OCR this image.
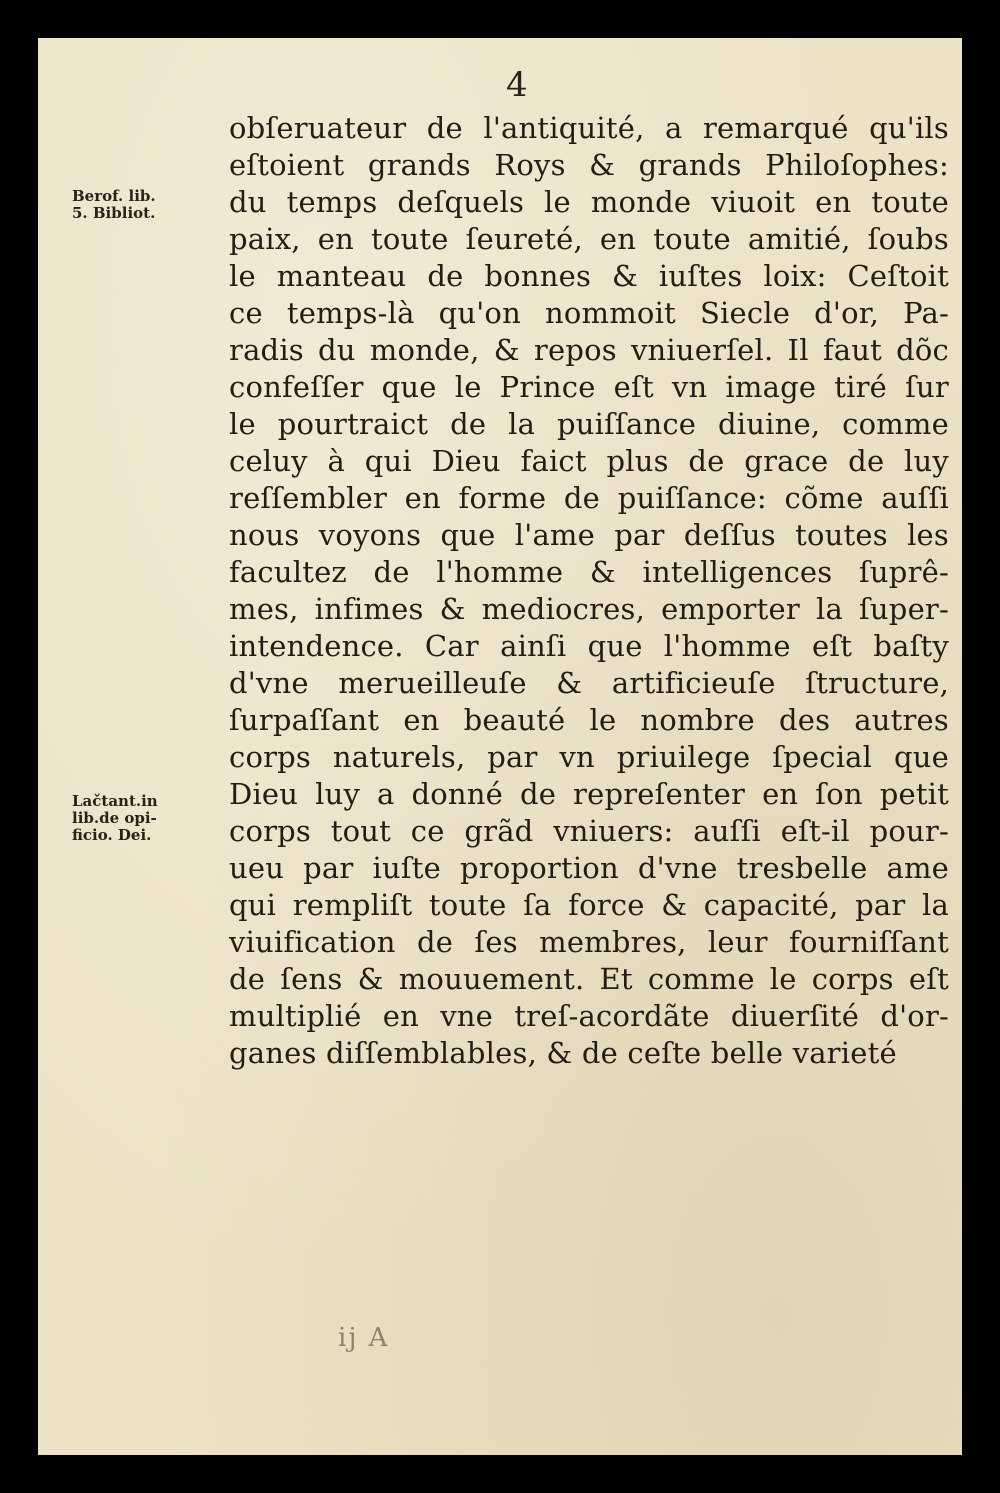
4
Berof. lib.
5. Bibliot.
Lačtant.in
lib.de opi-
ficio. Dei.
obſeruateur de l'antiquité, a remarqué qu'ils
eſtoient grands Roys & grands Philoſophes:
du temps deſquels le monde viuoit en toute
paix, en toute ſeureté, en toute amitié, ſoubs
le manteau de bonnes & iuſtes loix: Ceſtoit
ce temps-là qu'on nommoit Siecle d'or, Pa-
radis du monde, & repos vniuerſel. Il faut dõc
confeſſer que le Prince eſt vn image tiré ſur
le pourtraict de la puiſſance diuine, comme
celuy à qui Dieu faict plus de grace de luy
reſſembler en forme de puiſſance: cõme auſſi
nous voyons que l'ame par deſſus toutes les
facultez de l'homme & intelligences ſuprê-
mes, infimes & mediocres, emporter la ſuper-
intendence. Car ainſi que l'homme eſt baſty
d'vne merueilleuſe & artificieuſe ſtructure,
ſurpaſſant en beauté le nombre des autres
corps naturels, par vn priuilege ſpecial que
Dieu luy a donné de repreſenter en ſon petit
corps tout ce grãd vniuers: auſſi eſt-il pour-
ueu par iuſte proportion d'vne tresbelle ame
qui rempliſt toute ſa force & capacité, par la
viuification de ſes membres, leur fourniſſant
de ſens & mouuement. Et comme le corps eſt
multiplié en vne treſ-acordãte diuerſité d'or-
ganes diſſemblables, & de ceſte belle varieté
ij A
